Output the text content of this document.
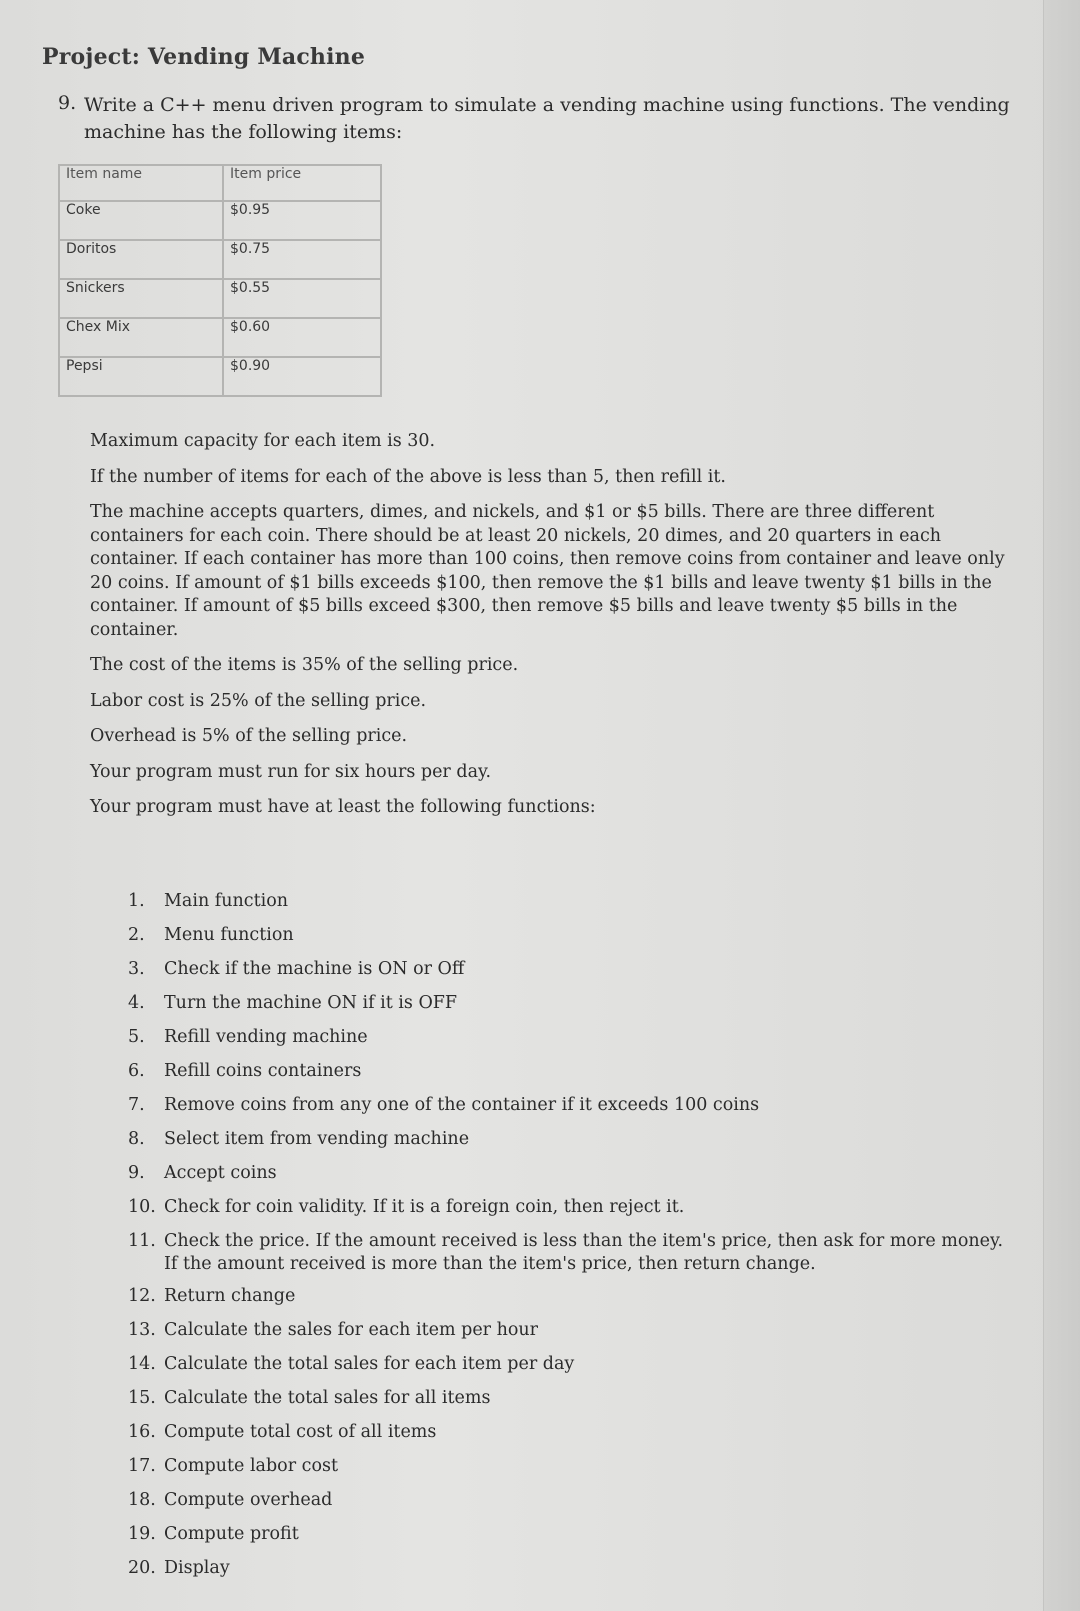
Project: Vending Machine
9. Write a C++ menu driven program to simulate a vending machine using functions. The vending machine has the following items:
Item name	Item price
Coke	$0.95
Doritos	$0.75
Snickers	$0.55
Chex Mix	$0.60
Pepsi	$0.90

Maximum capacity for each item is 30.

If the number of items for each of the above is less than 5, then refill it.

The machine accepts quarters, dimes, and nickels, and $1 or $5 bills. There are three different containers for each coin. There should be at least 20 nickels, 20 dimes, and 20 quarters in each container. If each container has more than 100 coins, then remove coins from container and leave only 20 coins. If amount of $1 bills exceeds $100, then remove the $1 bills and leave twenty $1 bills in the container. If amount of $5 bills exceed $300, then remove $5 bills and leave twenty $5 bills in the container.

The cost of the items is 35% of the selling price.

Labor cost is 25% of the selling price.

Overhead is 5% of the selling price.

Your program must run for six hours per day.

Your program must have at least the following functions:

1. Main function
2. Menu function
3. Check if the machine is ON or Off
4. Turn the machine ON if it is OFF
5. Refill vending machine
6. Refill coins containers
7. Remove coins from any one of the container if it exceeds 100 coins
8. Select item from vending machine
9. Accept coins
10. Check for coin validity. If it is a foreign coin, then reject it.
11. Check the price. If the amount received is less than the item's price, then ask for more money. If the amount received is more than the item's price, then return change.
12. Return change
13. Calculate the sales for each item per hour
14. Calculate the total sales for each item per day
15. Calculate the total sales for all items
16. Compute total cost of all items
17. Compute labor cost
18. Compute overhead
19. Compute profit
20. Display
